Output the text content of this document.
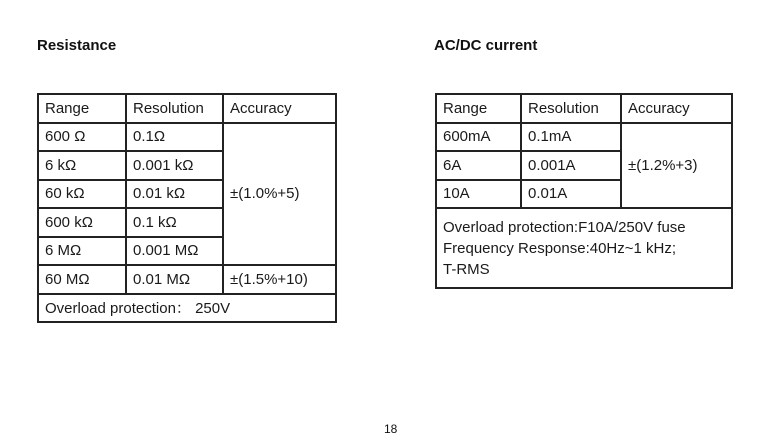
Resistance	AC/DC current
Range	Resolution	Accuracy
600 Ω	0.1Ω	±(1.0%+5)
6 kΩ	0.001 kΩ	
60 kΩ	0.01 kΩ	
600 kΩ	0.1 kΩ	
6 MΩ	0.001 MΩ	
60 MΩ	0.01 MΩ	±(1.5%+10)
Overload protection： 250V		
Range	Resolution	Accuracy
600mA	0.1mA	±(1.2%+3)
6A	0.001A	
10A	0.01A	

Overload protection:F10A/250V fuse
Frequency Response:40Hz~1 kHz;
T-RMS		
18
